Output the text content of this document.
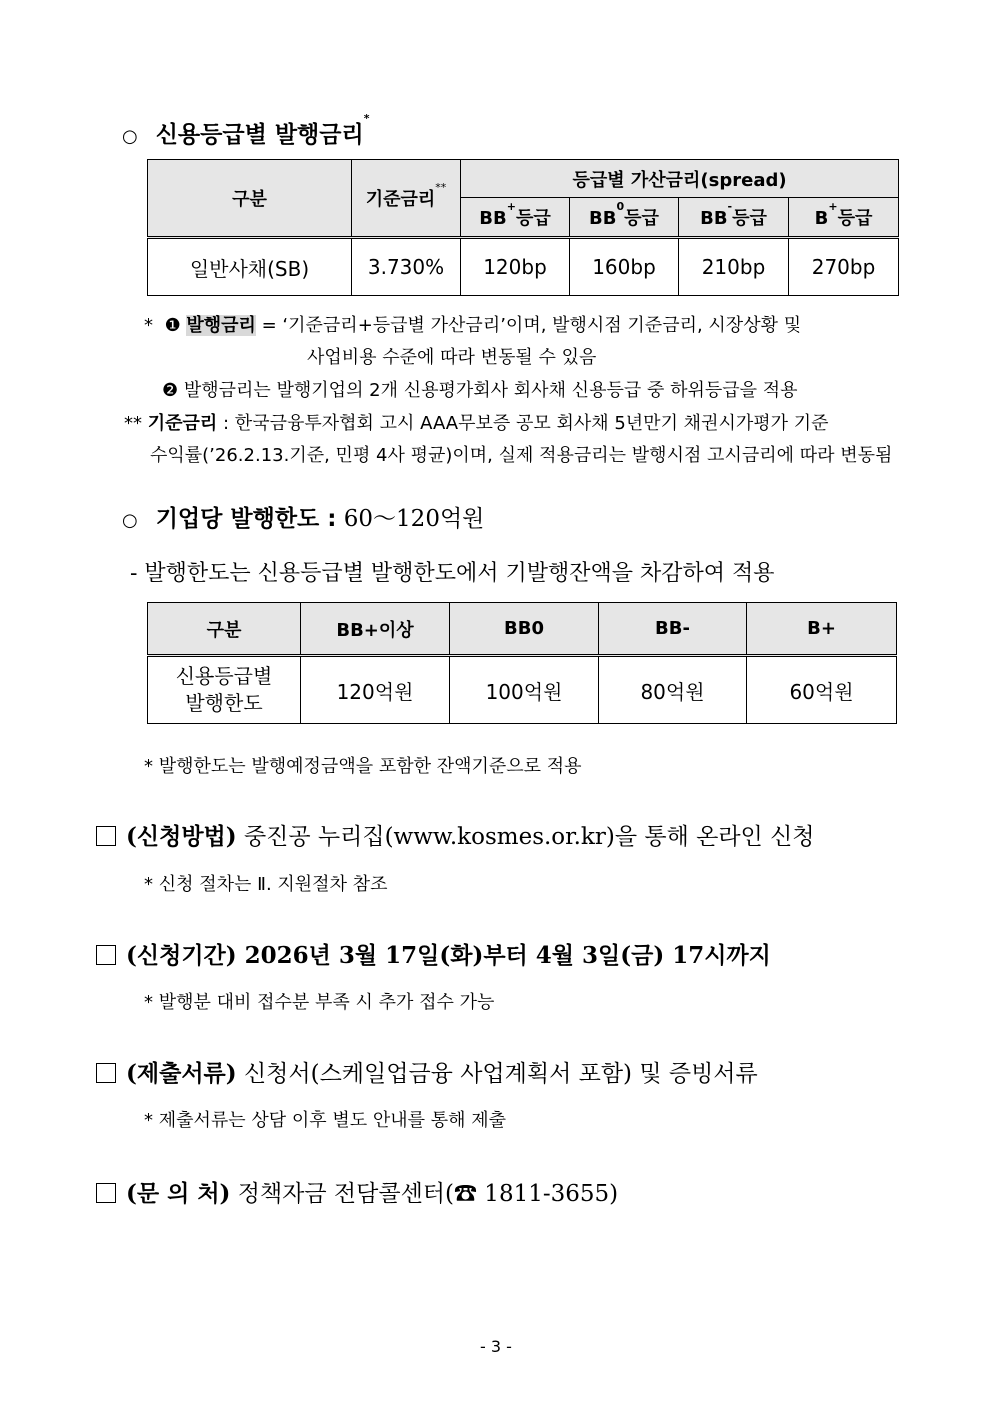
○ 신용등급별 발행금리*
구분	기준금리**	등급별 가산금리(spread)			
		BB+등급	$BB^0$등급	BB-등급	B+등급
일반사채(SB)	3.730%	120bp	160bp	210bp	270bp
* ❶ 발행금리 = ‘기준금리+등급별 가산금리’이며, 발행시점 기준금리, 시장상황 및
사업비용 수준에 따라 변동될 수 있음
❷ 발행금리는 발행기업의 2개 신용평가회사 회사채 신용등급 중 하위등급을 적용
** 기준금리 : 한국금융투자협회 고시 AAA무보증 공모 회사채 5년만기 채권시가평가 기준
수익률(’26.2.13.기준, 민평 4사 평균)이며, 실제 적용금리는 발행시점 고시금리에 따라 변동됨
○ 기업당 발행한도 : 60～120억원
- 발행한도는 신용등급별 발행한도에서 기발행잔액을 차감하여 적용
구분	BB+이상	BB0	BB-	B+
신용등급별
발행한도	120억원	100억원	80억원	60억원
* 발행한도는 발행예정금액을 포함한 잔액기준으로 적용
(신청방법) 중진공 누리집(www.kosmes.or.kr)을 통해 온라인 신청
* 신청 절차는 Ⅱ. 지원절차 참조
(신청기간) 2026년 3월 17일(화)부터 4월 3일(금) 17시까지
* 발행분 대비 접수분 부족 시 추가 접수 가능
(제출서류) 신청서(스케일업금융 사업계획서 포함) 및 증빙서류
* 제출서류는 상담 이후 별도 안내를 통해 제출
(문 의 처) 정책자금 전담콜센터(☎ 1811-3655)
- 3 -
